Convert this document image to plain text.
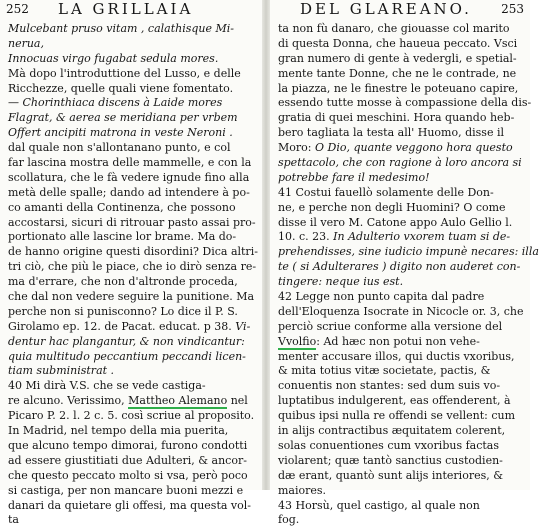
252 LA GRILLAIA
Mulcebant pruso vitam , calathisque Mi-
nerua,
Innocuas virgo fugabat sedula mores.
Mà dopo l'introduttione del Lusso, e delle
Ricchezze, quelle quali viene fomentato.
— Chorinthiaca discens à Laide mores
Flagrat, & aerea se meridiana per vrbem
Offert ancipiti matrona in veste Neroni .
dal quale non s'allontanano punto, e col
far lascina mostra delle mammelle, e con la
scollatura, che le fà vedere ignude fino alla
metà delle spalle; dando ad intendere à po-
co amanti della Continenza, che possono
accostarsi, sicuri di ritrouar pasto assai pro-
portionato alle lascine lor brame. Ma do-
de hanno origine questi disordini? Dica altri-
tri ciò, che più le piace, che io dirò senza re-
ma d'errare, che non d'altronde proceda,
che dal non vedere seguire la punitione. Ma
perche non si punisconno? Lo dice il P. S.
Girolamo ep. 12. de Pacat. educat. p 38. Vi-
dentur hac plangantur, & non vindicantur:
quia multitudo peccantium peccandi licen-
tiam subministrat .
40 Mi dirà V.S. che se vede castiga-
re alcuno. Verissimo, Mattheo Alemano nel
Picaro P. 2. l. 2 c. 5. così scriue al proposito.
In Madrid, nel tempo della mia puerita,
que alcuno tempo dimorai, furono condotti
ad essere giustitiati due Adulteri, & ancor-
che questo peccato molto si vsa, però poco
si castiga, per non mancare buoni mezzi e
danari da quietare gli offesi, ma questa vol-
ta
DEL GLAREANO. 253
ta non fù danaro, che giouasse col marito
di questa Donna, che haueua peccato. Vsci
gran numero di gente à vedergli, e spetial-
mente tante Donne, che ne le contrade, ne
la piazza, ne le finestre le poteuano capire,
essendo tutte mosse à compassione della dis-
gratia di quei meschini. Hora quando heb-
bero tagliata la testa all' Huomo, disse il
Moro: O Dio, quante veggono hora questo
spettacolo, che con ragione à loro ancora si
potrebbe fare il medesimo!
41 Costui fauellò solamente delle Don-
ne, e perche non degli Huomini? O come
disse il vero M. Catone appo Aulo Gellio l.
10. c. 23. In Adulterio vxorem tuam si de-
prehendisses, sine iudicio impunè necares: illa
te ( si Adulterares ) digito non auderet con-
tingere: neque ius est.
42 Legge non punto capita dal padre
dell'Eloquenza Isocrate in Nicocle or. 3, che
perciò scriue conforme alla versione del
Vvolfio: Ad hæc non potui non vehe-
menter accusare illos, qui ductis vxoribus,
& mita totius vitæ societate, pactis, &
conuentis non stantes: sed dum suis vo-
luptatibus indulgerent, eas offenderent, à
quibus ipsi nulla re offendi se vellent: cum
in alijs contractibus æquitatem colerent,
solas conuentiones cum vxoribus factas
violarent; quæ tantò sanctius custodien-
dæ erant, quantò sunt alijs interiores, &
maiores.
43 Horsù, quel castigo, al quale non
fog.
